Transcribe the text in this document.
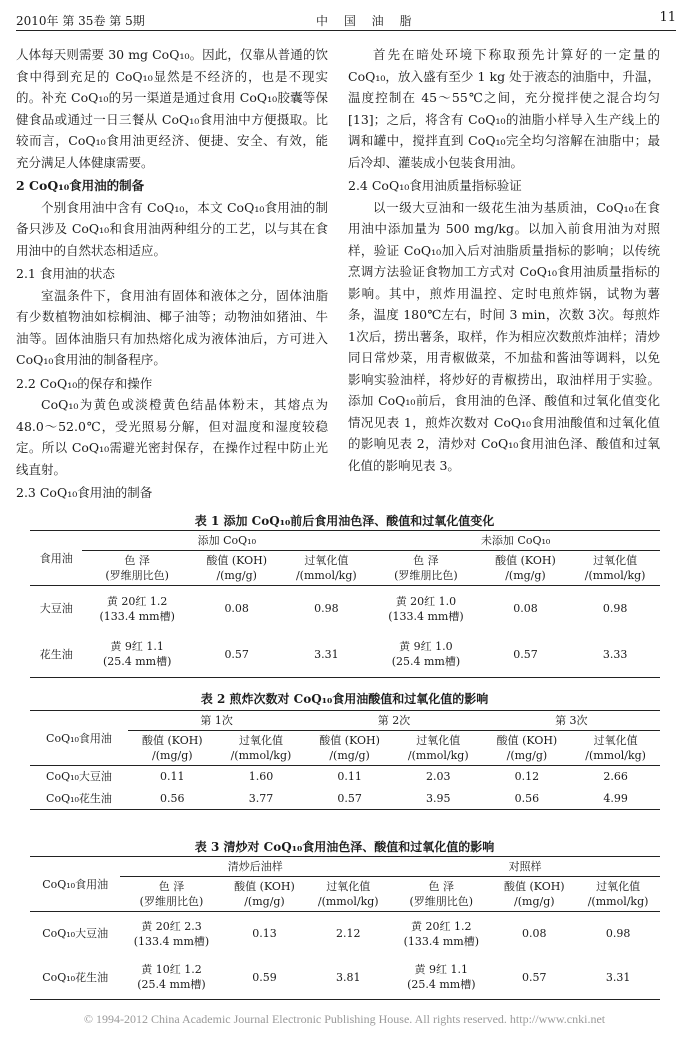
2010年 第 35卷 第 5期	中 国 油 脂	11

人体每天则需要 30 mg CoQ₁₀。因此，仅靠从普通的饮食中得到充足的 CoQ₁₀显然是不经济的，也是不现实的。补充 CoQ₁₀的另一渠道是通过食用 CoQ₁₀胶囊等保健食品或通过一日三餐从 CoQ₁₀食用油中方便摄取。比较而言，CoQ₁₀食用油更经济、便捷、安全、有效，能充分满足人体健康需要。

2 CoQ₁₀食用油的制备

个别食用油中含有 CoQ₁₀，本文 CoQ₁₀食用油的制备只涉及 CoQ₁₀和食用油两种组分的工艺，以与其在食用油中的自然状态相适应。

2.1 食用油的状态

室温条件下，食用油有固体和液体之分，固体油脂有少数植物油如棕榈油、椰子油等；动物油如猪油、牛油等。固体油脂只有加热熔化成为液体油后，方可进入 CoQ₁₀食用油的制备程序。

2.2 CoQ₁₀的保存和操作

CoQ₁₀为黄色或淡橙黄色结晶体粉末，其熔点为 48.0～52.0℃，受光照易分解，但对温度和湿度较稳定。所以 CoQ₁₀需避光密封保存，在操作过程中防止光线直射。

2.3 CoQ₁₀食用油的制备

首先在暗处环境下称取预先计算好的一定量的 CoQ₁₀，放入盛有至少 1 kg 处于液态的油脂中，升温，温度控制在 45～55℃之间，充分搅拌使之混合均匀[13]；之后，将含有 CoQ₁₀的油脂小样导入生产线上的调和罐中，搅拌直到 CoQ₁₀完全均匀溶解在油脂中；最后冷却、灌装成小包装食用油。

2.4 CoQ₁₀食用油质量指标验证

以一级大豆油和一级花生油为基质油，CoQ₁₀在食用油中添加量为 500 mg/kg。以加入前食用油为对照样，验证 CoQ₁₀加入后对油脂质量指标的影响；以传统烹调方法验证食物加工方式对 CoQ₁₀食用油质量指标的影响。其中，煎炸用温控、定时电煎炸锅，试物为薯条，温度 180℃左右，时间 3 min，次数 3次。每煎炸 1次后，捞出薯条，取样，作为相应次数煎炸油样；清炒同日常炒菜，用青椒做菜，不加盐和酱油等调料，以免影响实验油样，将炒好的青椒捞出，取油样用于实验。添加 CoQ₁₀前后，食用油的色泽、酸值和过氧化值变化情况见表 1，煎炸次数对 CoQ₁₀食用油酸值和过氧化值的影响见表 2，清炒对 CoQ₁₀食用油色泽、酸值和过氧化值的影响见表 3。

表 1 添加 CoQ₁₀前后食用油色泽、酸值和过氧化值变化
食用油	添加 CoQ₁₀			未添加 CoQ₁₀		
	色 泽
(罗维朋比色)	酸值 (KOH)
/(mg/g)	过氧化值
/(mmol/kg)	色 泽
(罗维朋比色)	酸值 (KOH)
/(mg/g)	过氧化值
/(mmol/kg)
大豆油	黄 20红 1.2
(133.4 mm槽)	0.08	0.98	黄 20红 1.0
(133.4 mm槽)	0.08	0.98
花生油	黄 9红 1.1
(25.4 mm槽)	0.57	3.31	黄 9红 1.0
(25.4 mm槽)	0.57	3.33
表 2 煎炸次数对 CoQ₁₀食用油酸值和过氧化值的影响
CoQ₁₀食用油	第 1次		第 2次		第 3次	
	酸值 (KOH)
/(mg/g)	过氧化值
/(mmol/kg)	酸值 (KOH)
/(mg/g)	过氧化值
/(mmol/kg)	酸值 (KOH)
/(mg/g)	过氧化值
/(mmol/kg)
CoQ₁₀大豆油	0.11	1.60	0.11	2.03	0.12	2.66
CoQ₁₀花生油	0.56	3.77	0.57	3.95	0.56	4.99
表 3 清炒对 CoQ₁₀食用油色泽、酸值和过氧化值的影响
CoQ₁₀食用油	清炒后油样			对照样		
	色 泽
(罗维朋比色)	酸值 (KOH)
/(mg/g)	过氧化值
/(mmol/kg)	色 泽
(罗维朋比色)	酸值 (KOH)
/(mg/g)	过氧化值
/(mmol/kg)
CoQ₁₀大豆油	黄 20红 2.3
(133.4 mm槽)	0.13	2.12	黄 20红 1.2
(133.4 mm槽)	0.08	0.98
CoQ₁₀花生油	黄 10红 1.2
(25.4 mm槽)	0.59	3.81	黄 9红 1.1
(25.4 mm槽)	0.57	3.31
© 1994-2012 China Academic Journal Electronic Publishing House. All rights reserved. http://www.cnki.net
